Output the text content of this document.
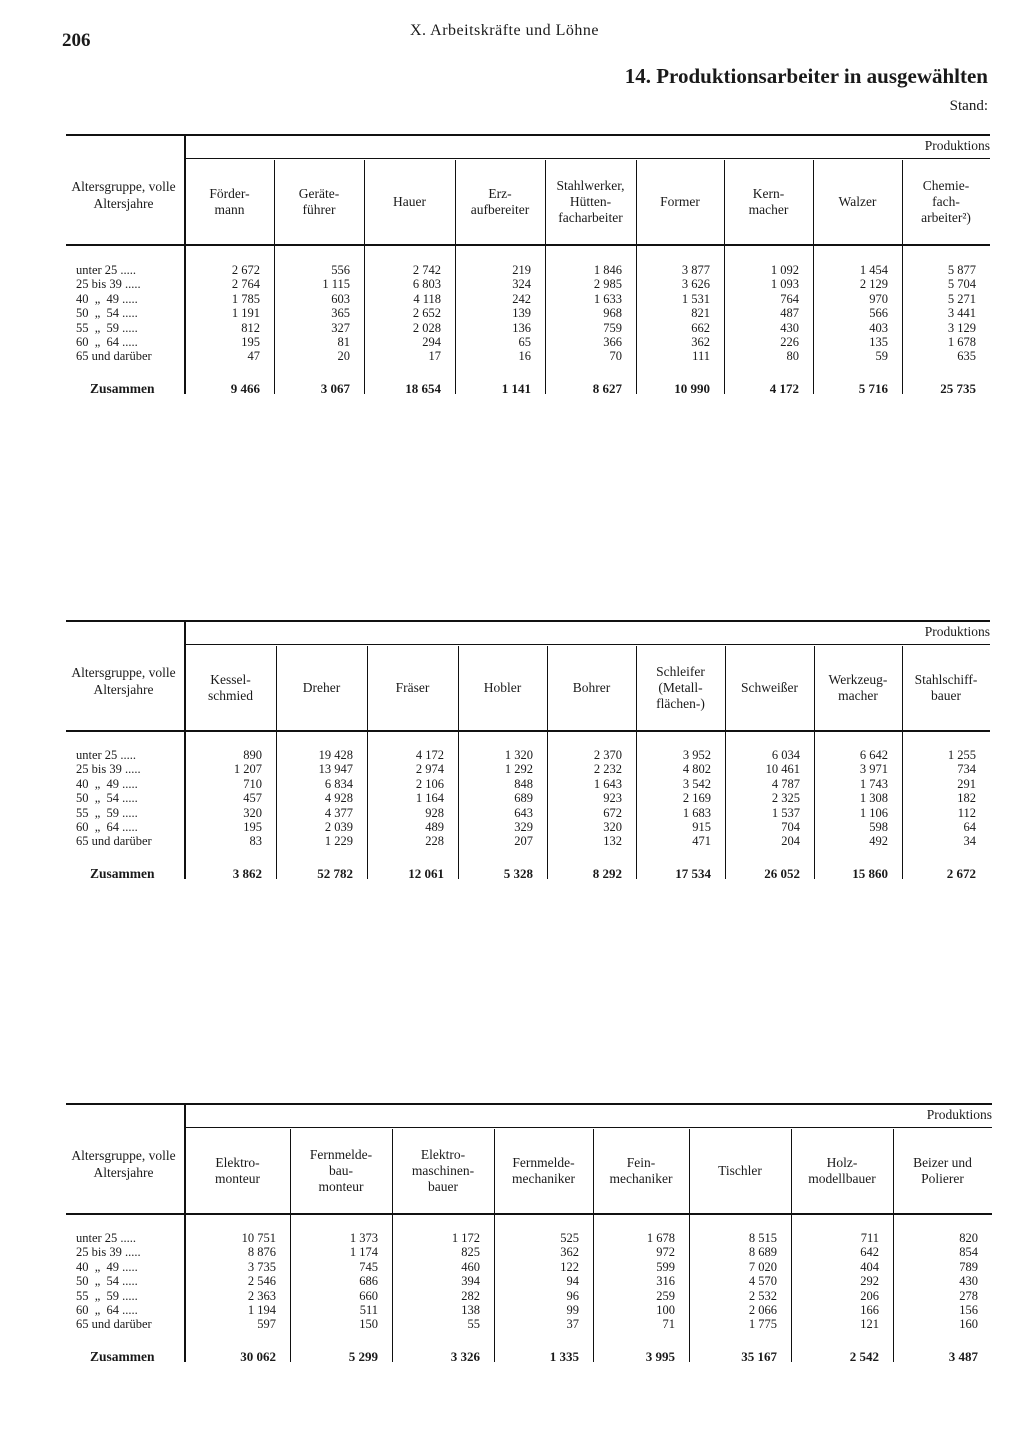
206	X. Arbeitskräfte und Löhne
14. Produktionsarbeiter in ausgewählten
Stand:
Produktions
Altersgruppe, volle Altersjahre
Förder-
mann
2 672
2 764
1 785
1 191
812
195
47
9 466
Geräte-
führer
556
1 115
603
365
327
81
20
3 067
Hauer
2 742
6 803
4 118
2 652
2 028
294
17
18 654
Erz-
aufbereiter
219
324
242
139
136
65
16
1 141
Stahlwerker,
Hütten-
facharbeiter
1 846
2 985
1 633
968
759
366
70
8 627
Former
3 877
3 626
1 531
821
662
362
111
10 990
Kern-
macher
1 092
1 093
764
487
430
226
80
4 172
Walzer
1 454
2 129
970
566
403
135
59
5 716
Chemie-
fach-
arbeiter²)
5 877
5 704
5 271
3 441
3 129
1 678
635
25 735
unter 25 .....
25 bis 39 .....
40  „  49 .....
50  „  54 .....
55  „  59 .....
60  „  64 .....
65 und darüber
Zusammen
Produktions
Altersgruppe, volle Altersjahre
Kessel-
schmied
890
1 207
710
457
320
195
83
3 862
Dreher
19 428
13 947
6 834
4 928
4 377
2 039
1 229
52 782
Fräser
4 172
2 974
2 106
1 164
928
489
228
12 061
Hobler
1 320
1 292
848
689
643
329
207
5 328
Bohrer
2 370
2 232
1 643
923
672
320
132
8 292
Schleifer
(Metall-
flächen-)
3 952
4 802
3 542
2 169
1 683
915
471
17 534
Schweißer
6 034
10 461
4 787
2 325
1 537
704
204
26 052
Werkzeug-
macher
6 642
3 971
1 743
1 308
1 106
598
492
15 860
Stahlschiff-
bauer
1 255
734
291
182
112
64
34
2 672
unter 25 .....
25 bis 39 .....
40  „  49 .....
50  „  54 .....
55  „  59 .....
60  „  64 .....
65 und darüber
Zusammen
Produktions
Altersgruppe, volle Altersjahre
Elektro-
monteur
10 751
8 876
3 735
2 546
2 363
1 194
597
30 062
Fernmelde-
bau-
monteur
1 373
1 174
745
686
660
511
150
5 299
Elektro-
maschinen-
bauer
1 172
825
460
394
282
138
55
3 326
Fernmelde-
mechaniker
525
362
122
94
96
99
37
1 335
Fein-
mechaniker
1 678
972
599
316
259
100
71
3 995
Tischler
8 515
8 689
7 020
4 570
2 532
2 066
1 775
35 167
Holz-
modellbauer
711
642
404
292
206
166
121
2 542
Beizer und
Polierer
820
854
789
430
278
156
160
3 487
unter 25 .....
25 bis 39 .....
40  „  49 .....
50  „  54 .....
55  „  59 .....
60  „  64 .....
65 und darüber
Zusammen
